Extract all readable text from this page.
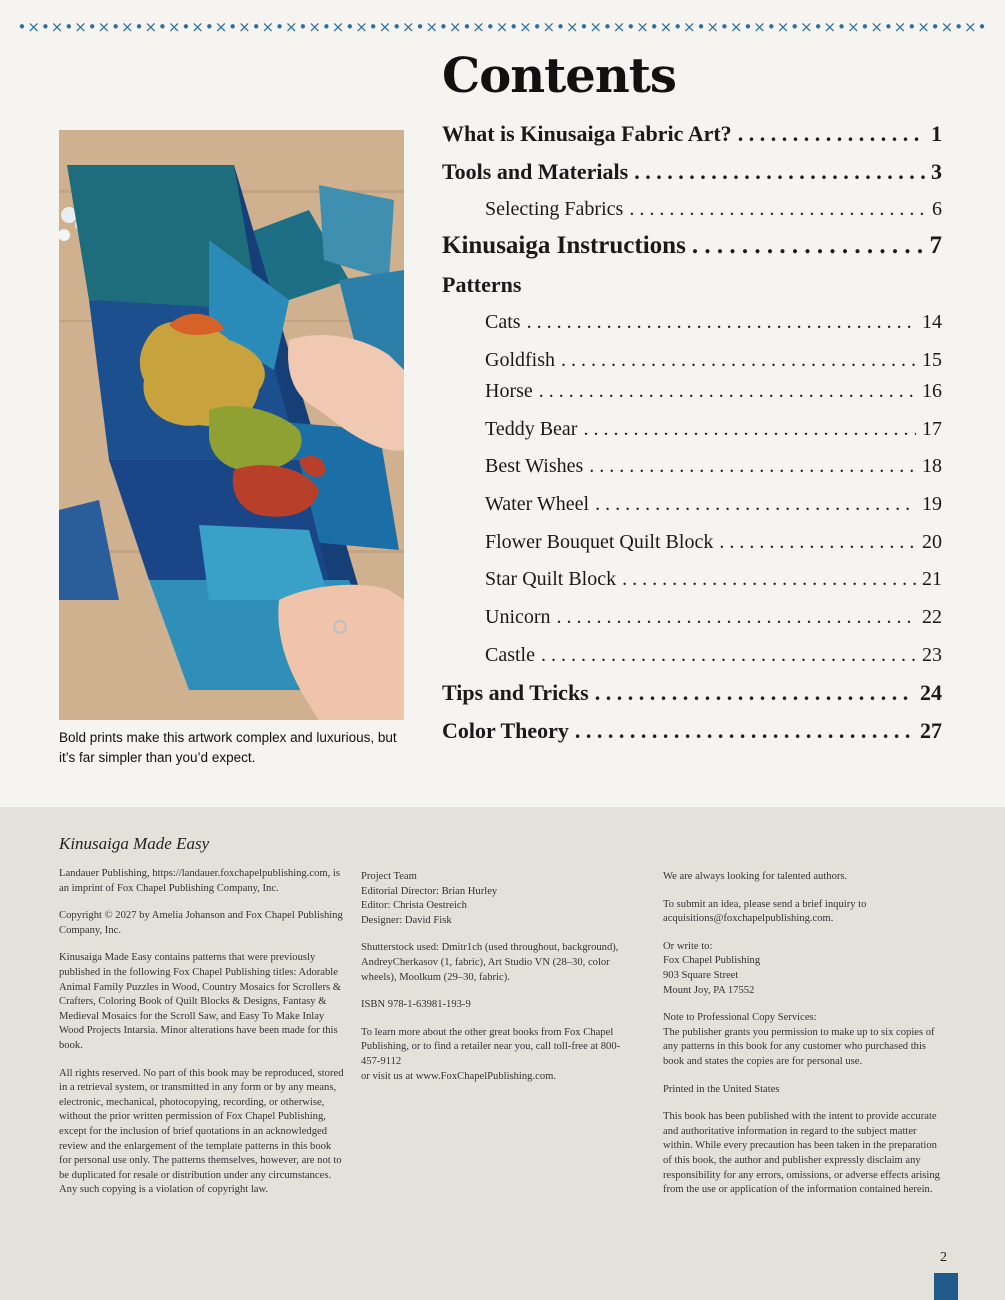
•×•×•×•×•×•×•×•×•×•×•×•×•×•×•×•×•×•×•×•×•×•×•×•×•×•×•×•×•×•×•×•×•×•×•×•×•×•×•×•×•×•
Contents

Bold prints make this artwork complex and luxurious, but it’s far simpler than you’d expect.

What is Kinusaiga Fabric Art? . . .	1
Tools and Materials . . .	3
Selecting Fabrics . . .	6
Kinusaiga Instructions . . .	7

Patterns

Cats . . .	14
Goldfish . . .	15
Horse . . .	16
Teddy Bear . . .	17
Best Wishes . . .	18
Water Wheel . . .	19
Flower Bouquet Quilt Block . . .	20
Star Quilt Block . . .	21
Unicorn . . .	22
Castle . . .	23
Tips and Tricks . . .	24
Color Theory . . .	27

Kinusaiga Made Easy

Landauer Publishing, https://landauer.foxchapelpublishing.com, is an imprint of Fox Chapel Publishing Company, Inc.

Copyright © 2027 by Amelia Johanson and Fox Chapel Publishing Company, Inc.

Kinusaiga Made Easy contains patterns that were previously published in the following Fox Chapel Publishing titles: Adorable Animal Family Puzzles in Wood, Country Mosaics for Scrollers & Crafters, Coloring Book of Quilt Blocks & Designs, Fantasy & Medieval Mosaics for the Scroll Saw, and Easy To Make Inlay Wood Projects Intarsia. Minor alterations have been made for this book.

All rights reserved. No part of this book may be reproduced, stored in a retrieval system, or transmitted in any form or by any means, electronic, mechanical, photocopying, recording, or otherwise, without the prior written permission of Fox Chapel Publishing, except for the inclusion of brief quotations in an acknowledged review and the enlargement of the template patterns in this book for personal use only. The patterns themselves, however, are not to be duplicated for resale or distribution under any circumstances. Any such copying is a violation of copyright law.

Project Team
Editorial Director: Brian Hurley
Editor: Christa Oestreich
Designer: David Fisk

Shutterstock used: Dmitr1ch (used throughout, background), AndreyCherkasov (1, fabric), Art Studio VN (28–30, color wheels), Moolkum (29–30, fabric).

ISBN 978-1-63981-193-9

To learn more about the other great books from Fox Chapel Publishing, or to find a retailer near you, call toll-free at 800-457-9112
or visit us at www.FoxChapelPublishing.com.

We are always looking for talented authors.

To submit an idea, please send a brief inquiry to acquisitions@foxchapelpublishing.com.

Or write to:
Fox Chapel Publishing
903 Square Street
Mount Joy, PA 17552

Note to Professional Copy Services:
The publisher grants you permission to make up to six copies of any patterns in this book for any customer who purchased this book and states the copies are for personal use.

Printed in the United States

This book has been published with the intent to provide accurate and authoritative information in regard to the subject matter within. While every precaution has been taken in the preparation of this book, the author and publisher expressly disclaim any responsibility for any errors, omissions, or adverse effects arising from the use or application of the information contained herein.

2
